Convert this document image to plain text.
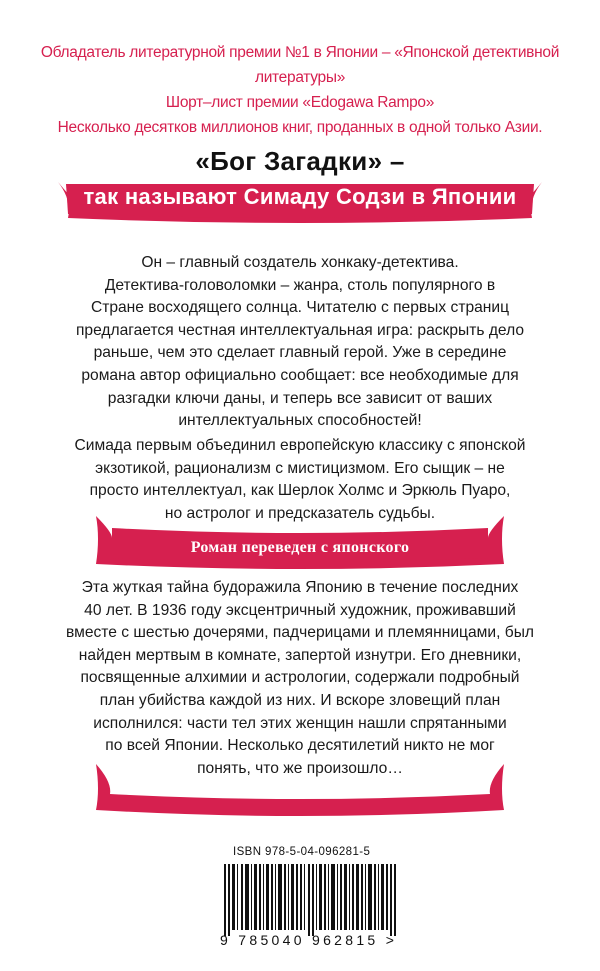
Обладатель литературной премии №1 в Японии – «Японской детективной литературы»
Шорт–лист премии «Edogawa Rampo»
Несколько десятков миллионов книг, проданных в одной только Азии.
«Бог Загадки» –
так называют Симаду Содзи в Японии
Он – главный создатель хонкаку-детектива.
Детектива-головоломки – жанра, столь популярного в
Стране восходящего солнца. Читателю с первых страниц
предлагается честная интеллектуальная игра: раскрыть дело
раньше, чем это сделает главный герой. Уже в середине
романа автор официально сообщает: все необходимые для
разгадки ключи даны, и теперь все зависит от ваших
интеллектуальных способностей!
Симада первым объединил европейскую классику с японской
экзотикой, рационализм с мистицизмом. Его сыщик – не
просто интеллектуал, как Шерлок Холмс и Эркюль Пуаро,
но астролог и предсказатель судьбы.
Роман переведен с японского
Эта жуткая тайна будоражила Японию в течение последних
40 лет. В 1936 году эксцентричный художник, проживавший
вместе с шестью дочерями, падчерицами и племянницами, был
найден мертвым в комнате, запертой изнутри. Его дневники,
посвященные алхимии и астрологии, содержали подробный
план убийства каждой из них. И вскоре зловещий план
исполнился: части тел этих женщин нашли спрятанными
по всей Японии. Несколько десятилетий никто не мог
понять, что же произошло…
ISBN 978-5-04-096281-5
9 785040 962815 >
